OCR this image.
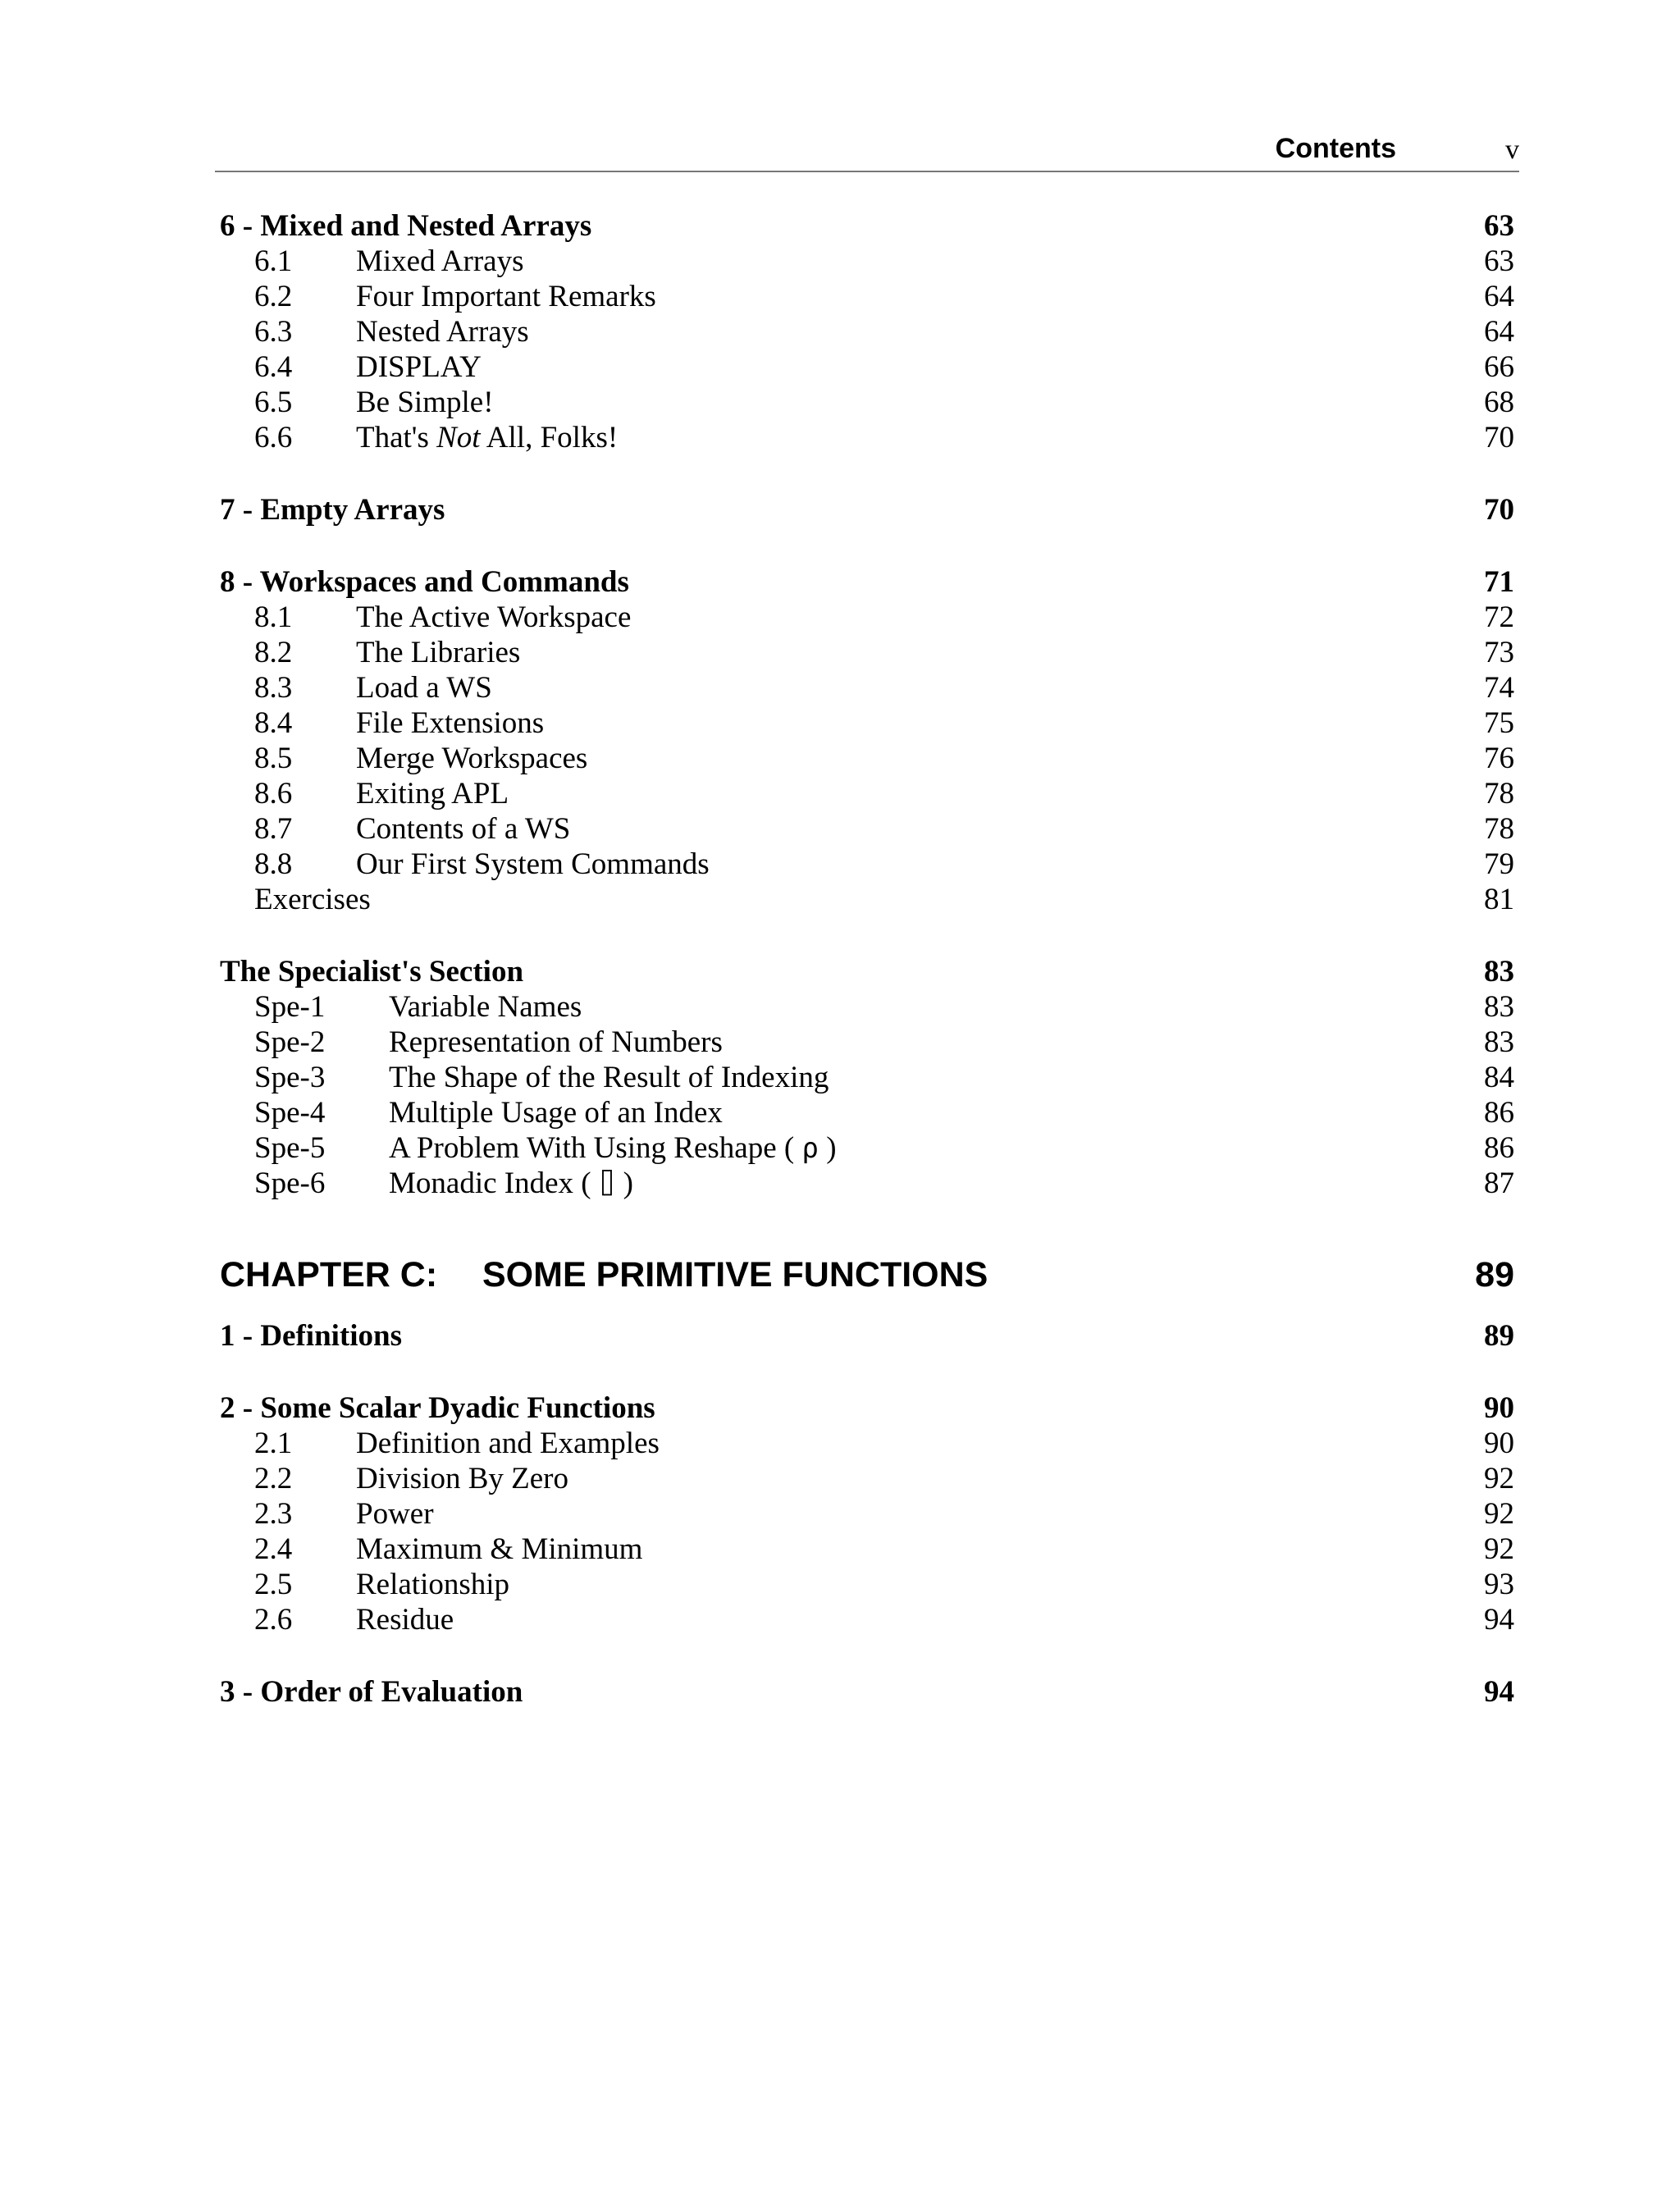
Contents	v
6 - Mixed and Nested Arrays	63
6.1 Mixed Arrays	63
6.2 Four Important Remarks	64
6.3 Nested Arrays	64
6.4 DISPLAY	66
6.5 Be Simple!	68
6.6 That's Not All, Folks!	70
7 - Empty Arrays	70
8 - Workspaces and Commands	71
8.1 The Active Workspace	72
8.2 The Libraries	73
8.3 Load a WS	74
8.4 File Extensions	75
8.5 Merge Workspaces	76
8.6 Exiting APL	78
8.7 Contents of a WS	78
8.8 Our First System Commands	79
Exercises	81
The Specialist's Section	83
Spe-1 Variable Names	83
Spe-2 Representation of Numbers	83
Spe-3 The Shape of the Result of Indexing	84
Spe-4 Multiple Usage of an Index	86
Spe-5 A Problem With Using Reshape ( ⍴ )	86
Spe-6 Monadic Index ( ⌷ )	87
CHAPTER C: SOME PRIMITIVE FUNCTIONS	89
1 - Definitions	89
2 - Some Scalar Dyadic Functions	90
2.1 Definition and Examples	90
2.2 Division By Zero	92
2.3 Power	92
2.4 Maximum & Minimum	92
2.5 Relationship	93
2.6 Residue	94
3 - Order of Evaluation	94
